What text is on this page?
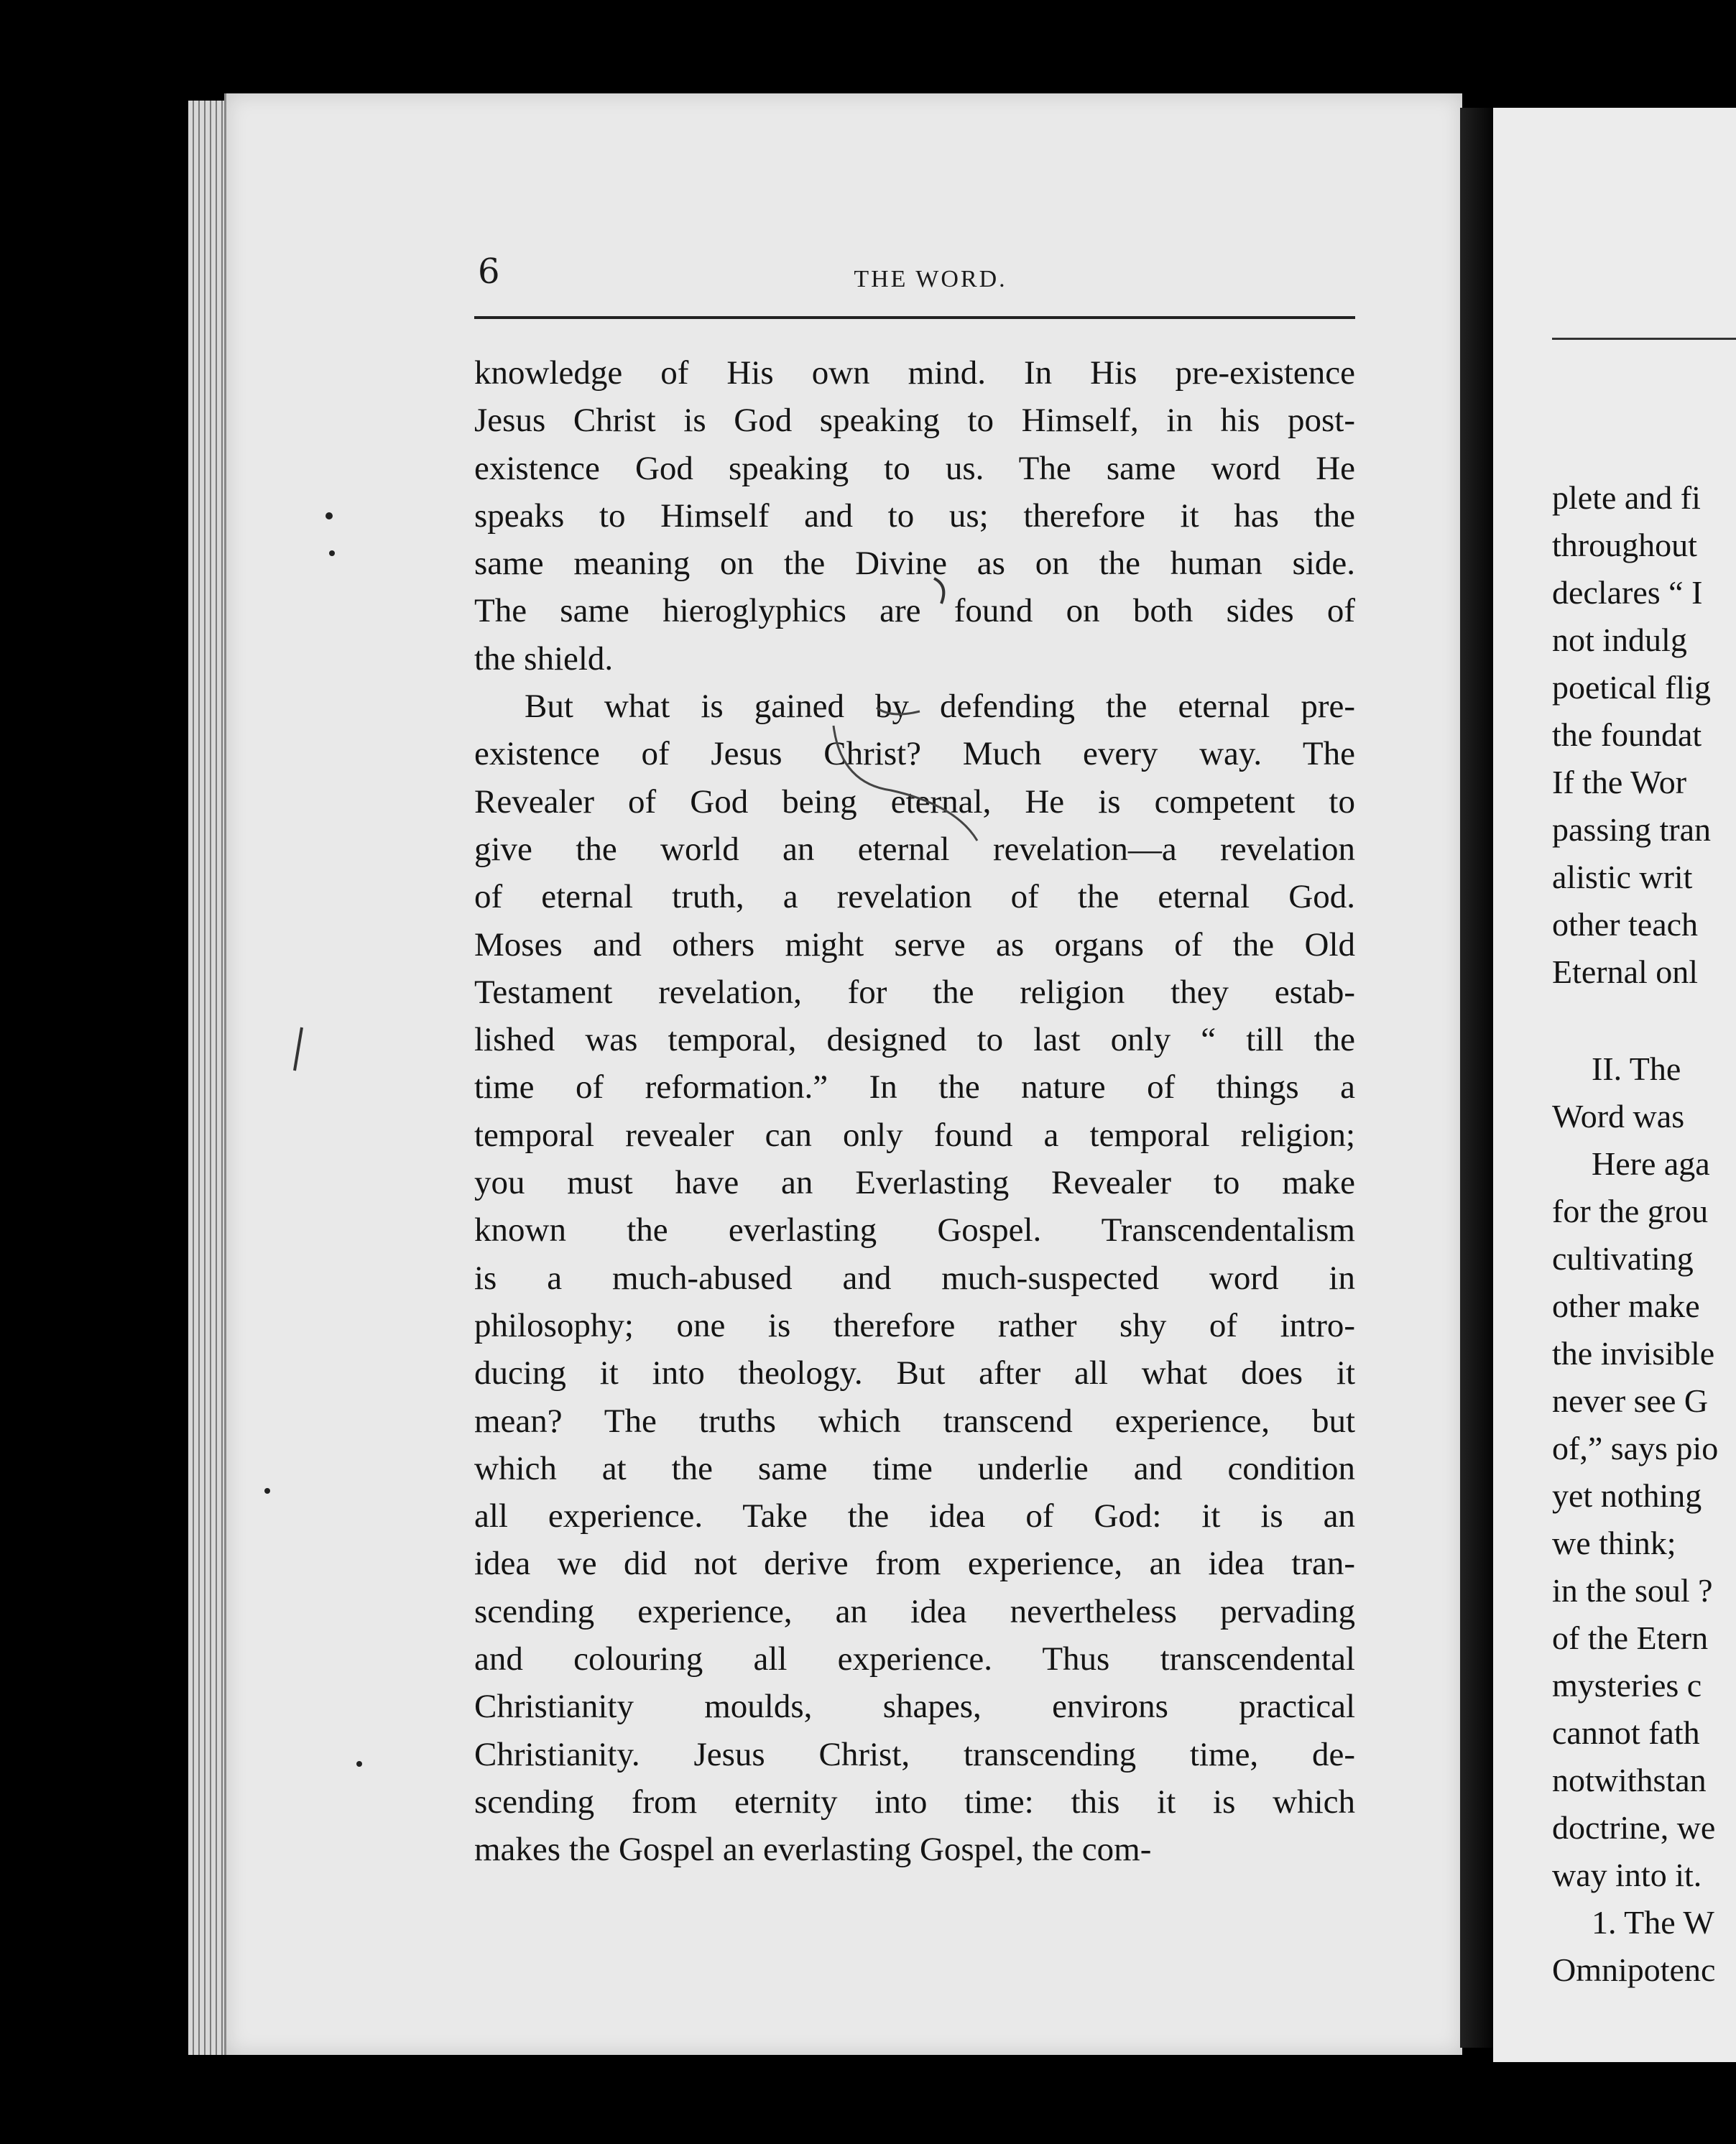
plete and fi
throughout
declares “ I
not indulg
poetical flig
the foundat
If the Wor
passing tran
alistic writ
other teach
Eternal onl
II. The
Word was
Here aga
for the grou
cultivating
other make
the invisible
never see G
of,” says pio
yet nothing
we think;
in the soul ?
of the Etern
mysteries c
cannot fath
notwithstan
doctrine, we
way into it.
1. The W
Omnipotenc
6	THE WORD.
knowledge of His own mind. In His pre-existence
Jesus Christ is God speaking to Himself, in his post-
existence God speaking to us. The same word He
speaks to Himself and to us; therefore it has the
same meaning on the Divine as on the human side.
The same hieroglyphics are found on both sides of
the shield.
But what is gained by defending the eternal pre-
existence of Jesus Christ? Much every way. The
Revealer of God being eternal, He is competent to
give the world an eternal revelation—a revelation
of eternal truth, a revelation of the eternal God.
Moses and others might serve as organs of the Old
Testament revelation, for the religion they estab-
lished was temporal, designed to last only “ till the
time of reformation.” In the nature of things a
temporal revealer can only found a temporal religion;
you must have an Everlasting Revealer to make
known the everlasting Gospel. Transcendentalism
is a much-abused and much-suspected word in
philosophy; one is therefore rather shy of intro-
ducing it into theology. But after all what does it
mean? The truths which transcend experience, but
which at the same time underlie and condition
all experience. Take the idea of God: it is an
idea we did not derive from experience, an idea tran-
scending experience, an idea nevertheless pervading
and colouring all experience. Thus transcendental
Christianity moulds, shapes, environs practical
Christianity. Jesus Christ, transcending time, de-
scending from eternity into time: this it is which
makes the Gospel an everlasting Gospel, the com-
